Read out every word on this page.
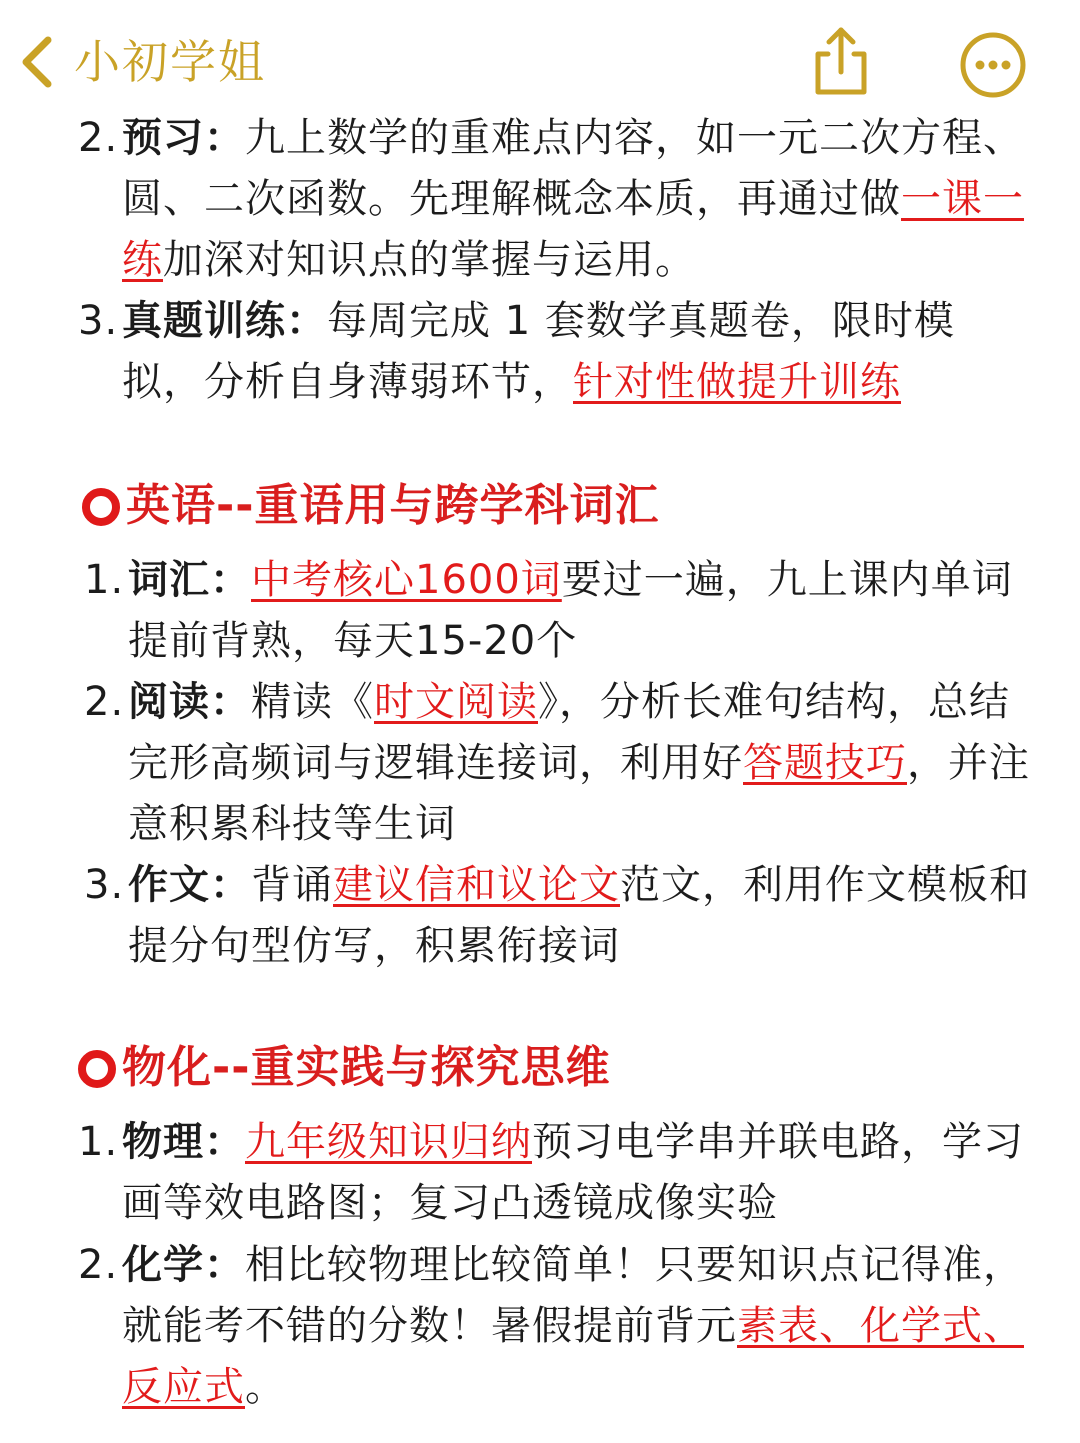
小初学姐
2. 预习：九上数学的重难点内容，如一元二次方程、圆、二次函数。先理解概念本质，再通过做一课一练加深对知识点的掌握与运用。
3. 真题训练：每周完成 1 套数学真题卷，限时模拟，分析自身薄弱环节，针对性做提升训练
英语--重语用与跨学科词汇
1. 词汇：中考核心1600词要过一遍，九上课内单词提前背熟，每天15-20个
2. 阅读：精读《时文阅读》，分析长难句结构，总结完形高频词与逻辑连接词，利用好答题技巧，并注意积累科技等生词
3. 作文：背诵建议信和议论文范文，利用作文模板和提分句型仿写，积累衔接词
物化--重实践与探究思维
1. 物理：九年级知识归纳预习电学串并联电路，学习画等效电路图；复习凸透镜成像实验
2. 化学：相比较物理比较简单！只要知识点记得准，就能考不错的分数！暑假提前背元素表、化学式、反应式。
